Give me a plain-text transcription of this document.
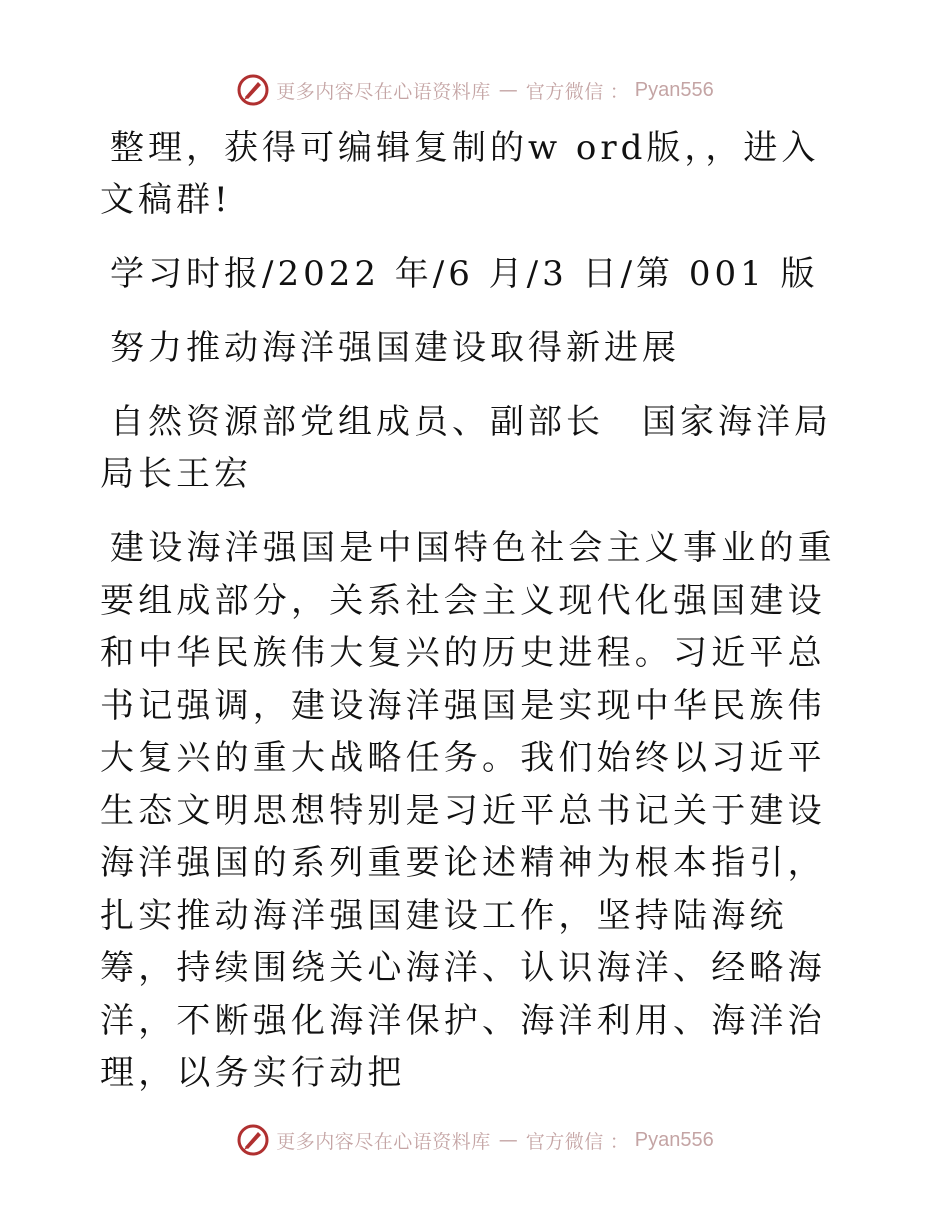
更多内容尽在心语资料库 — 官方微信 ： Pyan556

整理，获得可编辑复制的w ord版，，进入文稿群!

学习时报/2022 年/6 月/3 日/第 001 版

努力推动海洋强国建设取得新进展

自然资源部党组成员、副部长　国家海洋局局长王宏

建设海洋强国是中国特色社会主义事业的重要组成部分，关系社会主义现代化强国建设和中华民族伟大复兴的历史进程。习近平总书记强调，建设海洋强国是实现中华民族伟大复兴的重大战略任务。我们始终以习近平生态文明思想特别是习近平总书记关于建设海洋强国的系列重要论述精神为根本指引，扎实推动海洋强国建设工作，坚持陆海统筹，持续围绕关心海洋、认识海洋、经略海洋，不断强化海洋保护、海洋利用、海洋治理，以务实行动把

更多内容尽在心语资料库 — 官方微信 ： Pyan556
